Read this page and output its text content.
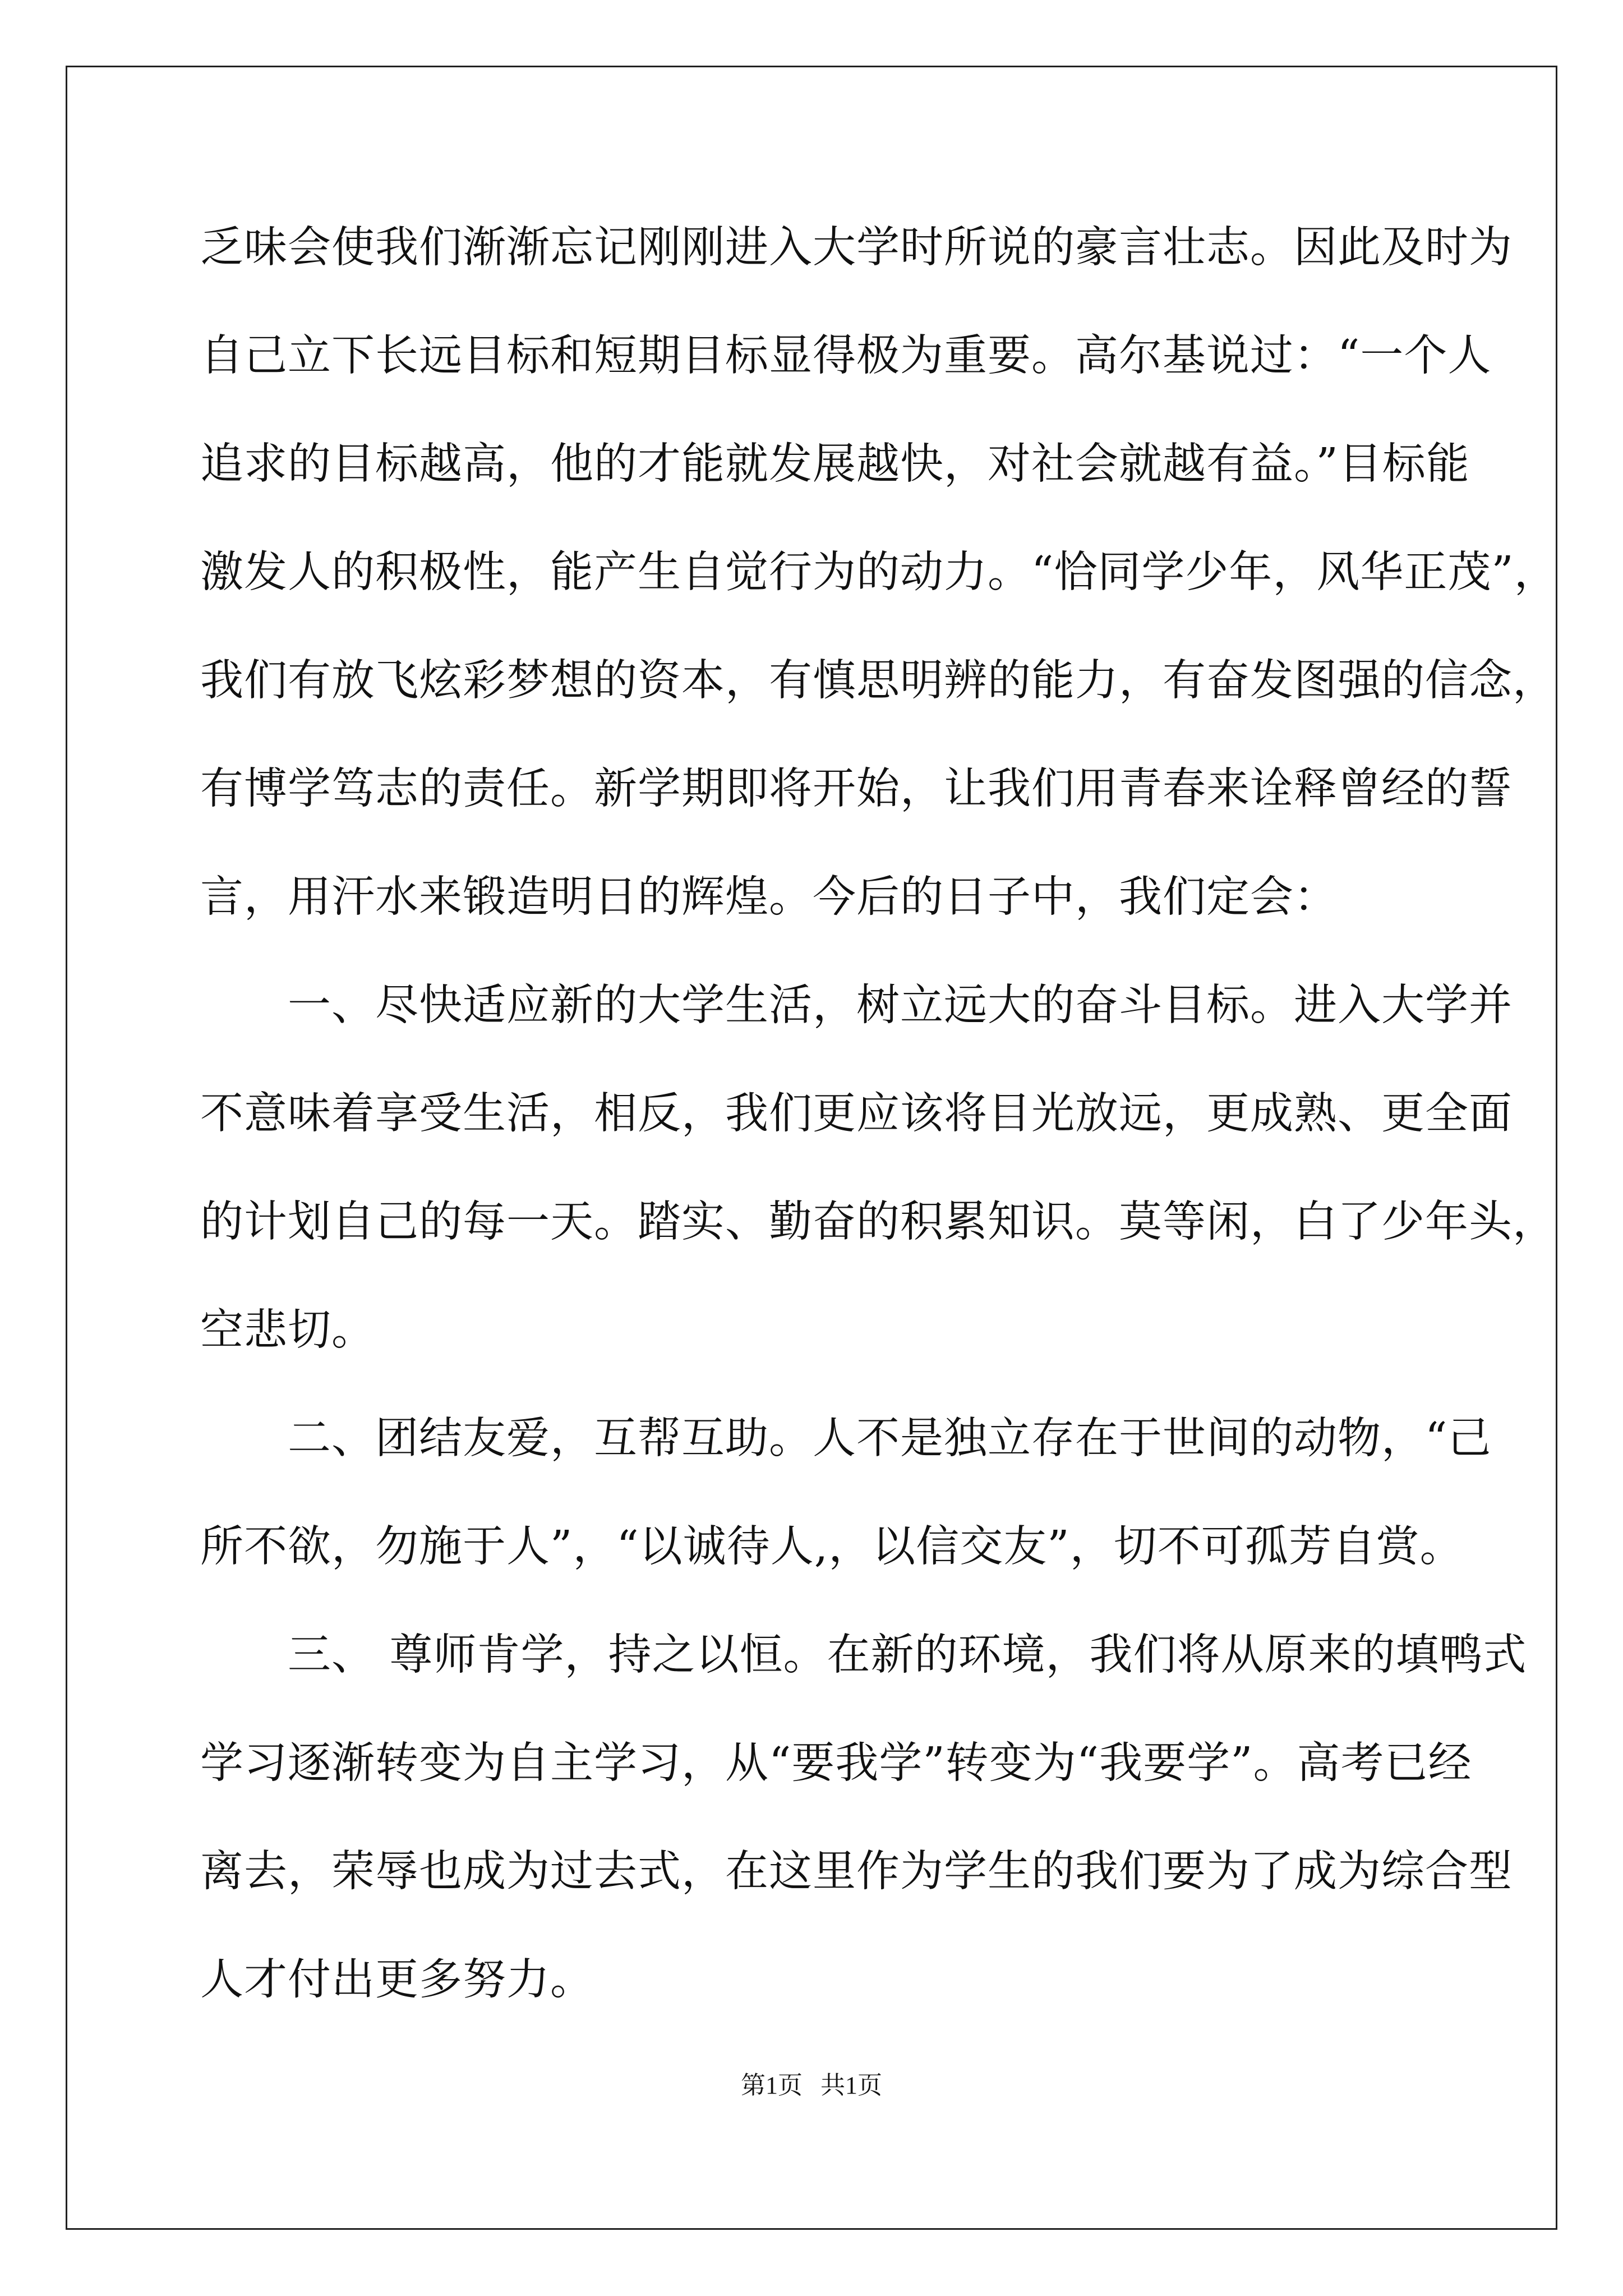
乏味会使我们渐渐忘记刚刚进入大学时所说的豪言壮志。因此及时为
自己立下长远目标和短期目标显得极为重要。高尔基说过：“一个人
追求的目标越高，他的才能就发展越快，对社会就越有益。”目标能
激发人的积极性，能产生自觉行为的动力。“恰同学少年，风华正茂”，
我们有放飞炫彩梦想的资本，有慎思明辨的能力，有奋发图强的信念，
有博学笃志的责任。新学期即将开始，让我们用青春来诠释曾经的誓
言，用汗水来锻造明日的辉煌。今后的日子中，我们定会：
　　一、尽快适应新的大学生活，树立远大的奋斗目标。进入大学并
不意味着享受生活，相反，我们更应该将目光放远，更成熟、更全面
的计划自己的每一天。踏实、勤奋的积累知识。莫等闲，白了少年头，
空悲切。
　　二、团结友爱，互帮互助。人不是独立存在于世间的动物，“己
所不欲，勿施于人”，“以诚待人,，以信交友”，切不可孤芳自赏。
　　三、 尊师肯学，持之以恒。在新的环境，我们将从原来的填鸭式
学习逐渐转变为自主学习，从“要我学”转变为“我要学”。高考已经
离去，荣辱也成为过去式，在这里作为学生的我们要为了成为综合型
人才付出更多努力。
第1页 共1页
